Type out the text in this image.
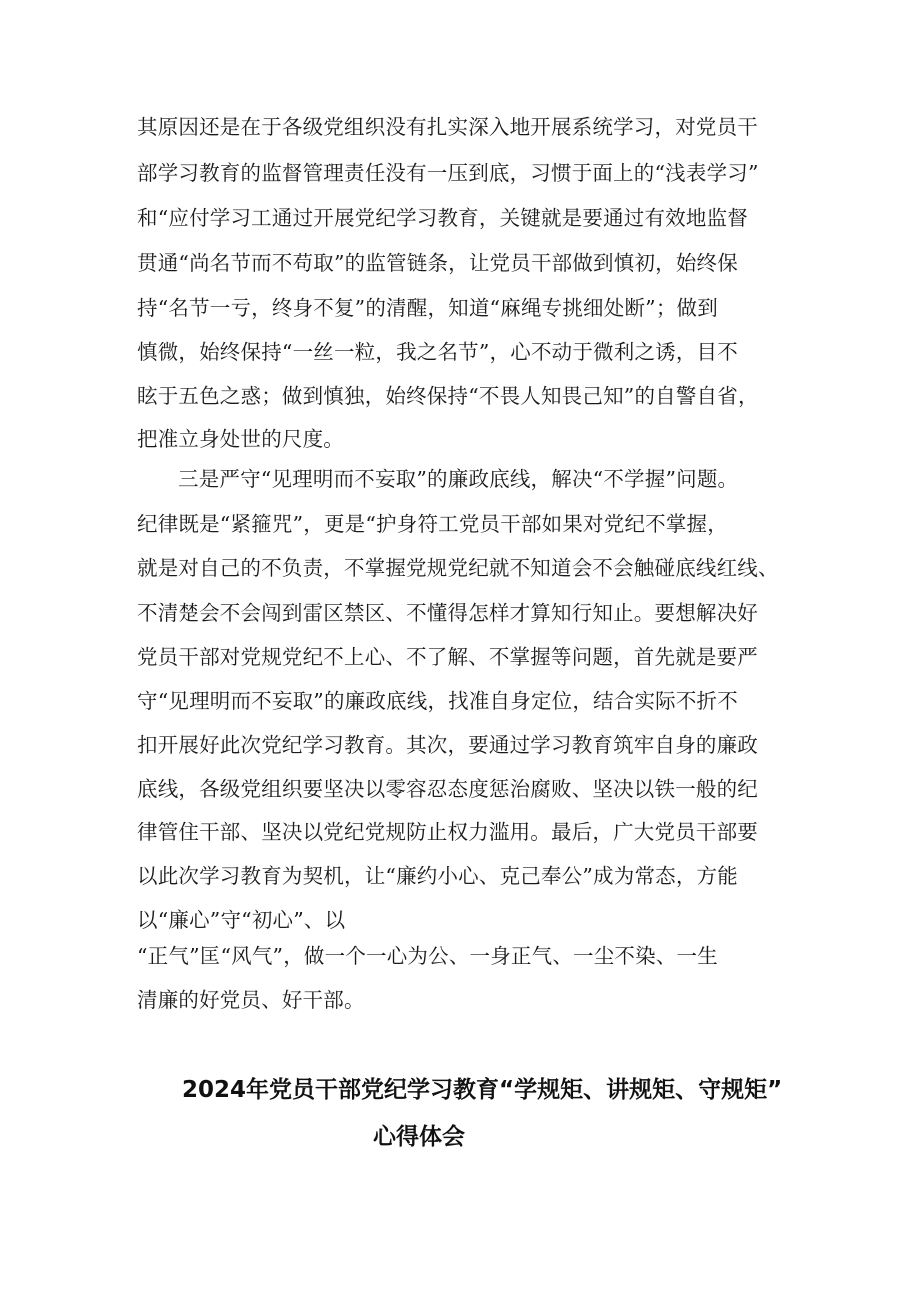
其原因还是在于各级党组织没有扎实深入地开展系统学习，对党员干
部学习教育的监督管理责任没有一压到底，习惯于面上的“浅表学习”
和“应付学习工通过开展党纪学习教育，关键就是要通过有效地监督
贯通“尚名节而不苟取”的监管链条，让党员干部做到慎初，始终保
持“名节一亏，终身不复”的清醒，知道“麻绳专挑细处断”；做到
慎微，始终保持“一丝一粒，我之名节”，心不动于微利之诱，目不
眩于五色之惑；做到慎独，始终保持“不畏人知畏己知”的自警自省，
把准立身处世的尺度。
三是严守“见理明而不妄取”的廉政底线，解决“不学握”问题。
纪律既是“紧箍咒”，更是“护身符工党员干部如果对党纪不掌握，
就是对自己的不负责，不掌握党规党纪就不知道会不会触碰底线红线、
不清楚会不会闯到雷区禁区、不懂得怎样才算知行知止。要想解决好
党员干部对党规党纪不上心、不了解、不掌握等问题，首先就是要严
守“见理明而不妄取”的廉政底线，找准自身定位，结合实际不折不
扣开展好此次党纪学习教育。其次，要通过学习教育筑牢自身的廉政
底线，各级党组织要坚决以零容忍态度惩治腐败、坚决以铁一般的纪
律管住干部、坚决以党纪党规防止权力滥用。最后，广大党员干部要
以此次学习教育为契机，让“廉约小心、克己奉公”成为常态，方能
以“廉心”守“初心”、以
“正气”匡“风气”，做一个一心为公、一身正气、一尘不染、一生
清廉的好党员、好干部。
2024年党员干部党纪学习教育“学规矩、讲规矩、守规矩”
心得体会
